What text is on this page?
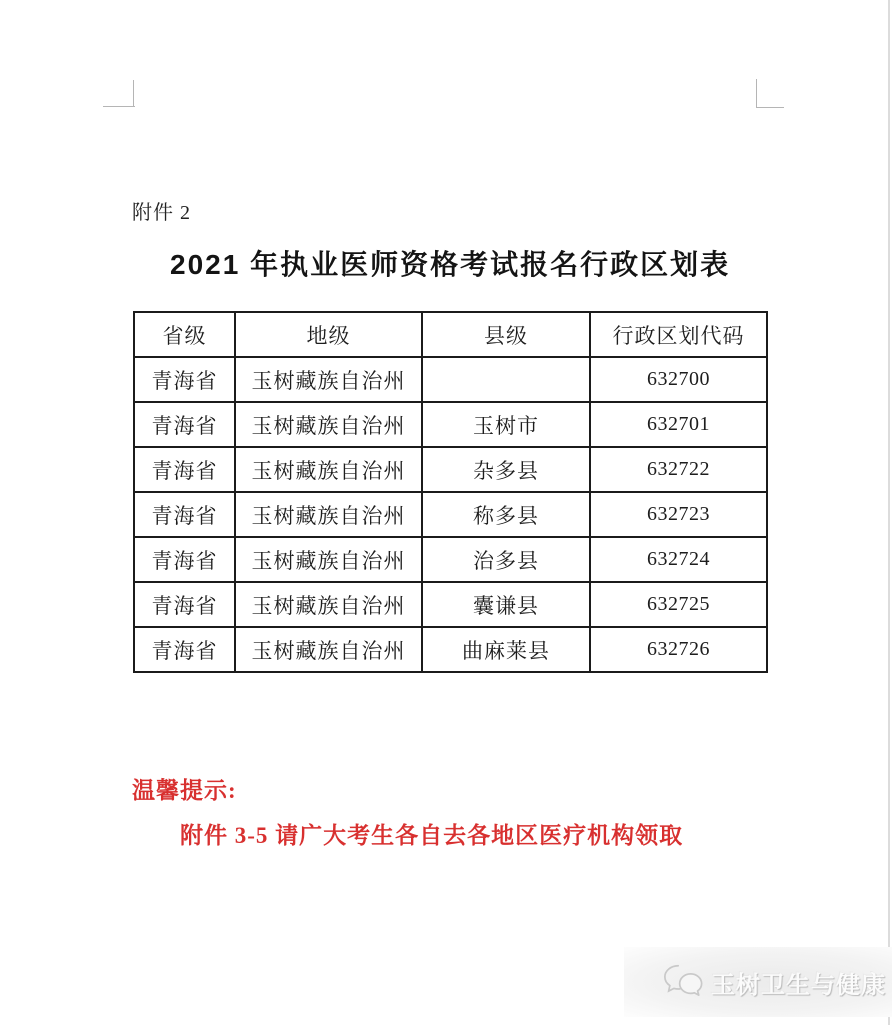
附件 2
2021 年执业医师资格考试报名行政区划表
省级	地级	县级	行政区划代码
青海省	玉树藏族自治州		632700
青海省	玉树藏族自治州	玉树市	632701
青海省	玉树藏族自治州	杂多县	632722
青海省	玉树藏族自治州	称多县	632723
青海省	玉树藏族自治州	治多县	632724
青海省	玉树藏族自治州	囊谦县	632725
青海省	玉树藏族自治州	曲麻莱县	632726
温馨提示:
附件 3-5 请广大考生各自去各地区医疗机构领取
玉树卫生与健康
